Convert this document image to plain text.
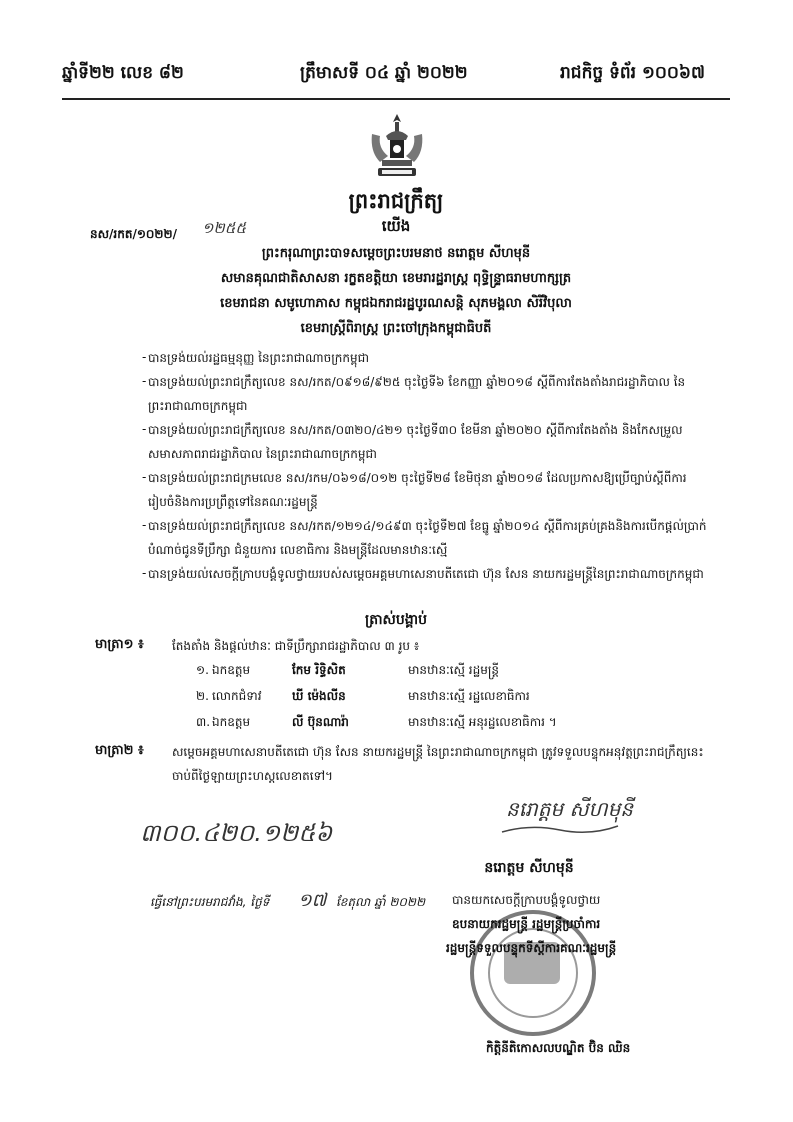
ឆ្នាំទី២២ លេខ ៨២	ត្រឹមាសទី ០៤ ឆ្នាំ ២០២២	រាជកិច្ច ទំព័រ ១០០៦៧
ព្រះរាជក្រឹត្យ
យើង
នស/រកត/១០២២/ ១២៥៥
ព្រះករុណាព្រះបាទសម្តេចព្រះបរមនាថ នរោត្តម សីហមុនី
សមានគុណជាតិសាសនា រក្ខតខត្តិយា ខេមរារដ្ឋរាស្ត្រ ពុទ្ធិន្ទ្រាធរាមហាក្សត្រ
ខេមរាជនា សមូហោភាស កម្ពុជឯករាជរដ្ឋបូរណសន្តិ សុភមង្គលា សិរីវិបុលា
ខេមរាស្ត្រីពិរាស្ត្រ ព្រះចៅក្រុងកម្ពុជាធិបតី
- បានទ្រង់យល់រដ្ឋធម្មនុញ្ញ នៃព្រះរាជាណាចក្រកម្ពុជា
- បានទ្រង់យល់ព្រះរាជក្រឹត្យលេខ នស/រកត/០៩១៨/៩២៥ ចុះថ្ងៃទី៦ ខែកញ្ញា ឆ្នាំ២០១៨ ស្តីពីការតែងតាំងរាជរដ្ឋាភិបាល នៃព្រះរាជាណាចក្រកម្ពុជា
- បានទ្រង់យល់ព្រះរាជក្រឹត្យលេខ នស/រកត/០៣២០/៤២១ ចុះថ្ងៃទី៣០ ខែមីនា ឆ្នាំ២០២០ ស្តីពីការតែងតាំង និងកែសម្រួលសមាសភាពរាជរដ្ឋាភិបាល នៃព្រះរាជាណាចក្រកម្ពុជា
- បានទ្រង់យល់ព្រះរាជក្រមលេខ នស/រកម/០៦១៨/០១២ ចុះថ្ងៃទី២៨ ខែមិថុនា ឆ្នាំ២០១៨ ដែលប្រកាសឱ្យប្រើច្បាប់ស្តីពីការរៀបចំនិងការប្រព្រឹត្តទៅនៃគណៈរដ្ឋមន្ត្រី
- បានទ្រង់យល់ព្រះរាជក្រឹត្យលេខ នស/រកត/១២១៤/១៤៩៣ ចុះថ្ងៃទី២៧ ខែធ្នូ ឆ្នាំ២០១៤ ស្តីពីការគ្រប់គ្រងនិងការបើកផ្តល់ប្រាក់បំណាច់ជូនទីប្រឹក្សា ជំនួយការ លេខាធិការ និងមន្ត្រីដែលមានឋានៈស្មើ
- បានទ្រង់យល់សេចក្តីក្រាបបង្គំទូលថ្វាយរបស់សម្តេចអគ្គមហាសេនាបតីតេជោ ហ៊ុន សែន នាយករដ្ឋមន្ត្រីនៃព្រះរាជាណាចក្រកម្ពុជា
ត្រាស់បង្គាប់
មាត្រា១ ៖ តែងតាំង និងផ្តល់ឋានៈ ជាទីប្រឹក្សារាជរដ្ឋាភិបាល ៣ រូប ៖
១. ឯកឧត្តម	កែម រិទ្ធិសិត	មានឋានៈស្មើ រដ្ឋមន្ត្រី
២. លោកជំទាវ	ឃី ម៉េងលីន	មានឋានៈស្មើ រដ្ឋលេខាធិការ
៣. ឯកឧត្តម	លី ប៊ុនណារ៉ា	មានឋានៈស្មើ អនុរដ្ឋលេខាធិការ ។
មាត្រា២ ៖ សម្តេចអគ្គមហាសេនាបតីតេជោ ហ៊ុន សែន នាយករដ្ឋមន្ត្រី នៃព្រះរាជាណាចក្រកម្ពុជា ត្រូវទទួលបន្ទុកអនុវត្តព្រះរាជក្រឹត្យនេះ ចាប់ពីថ្ងៃឡាយព្រះហស្តលេខាតទៅ។
៣០០.៤២០.១២៥៦
នរោត្តម សីហមុនី
នរោត្តម សីហមុនី
ធ្វើនៅព្រះបរមរាជវាំង, ថ្ងៃទី ១៧ ខែតុលា ឆ្នាំ ២០២២ បានយកសេចក្តីក្រាបបង្គំទូលថ្វាយ
ឧបនាយករដ្ឋមន្ត្រី រដ្ឋមន្ត្រីប្រចាំការ
រដ្ឋមន្ត្រីទទួលបន្ទុកទីស្តីការគណៈរដ្ឋមន្ត្រី
កិត្តិនីតិកោសលបណ្ឌិត ប៊ិន ឈិន
